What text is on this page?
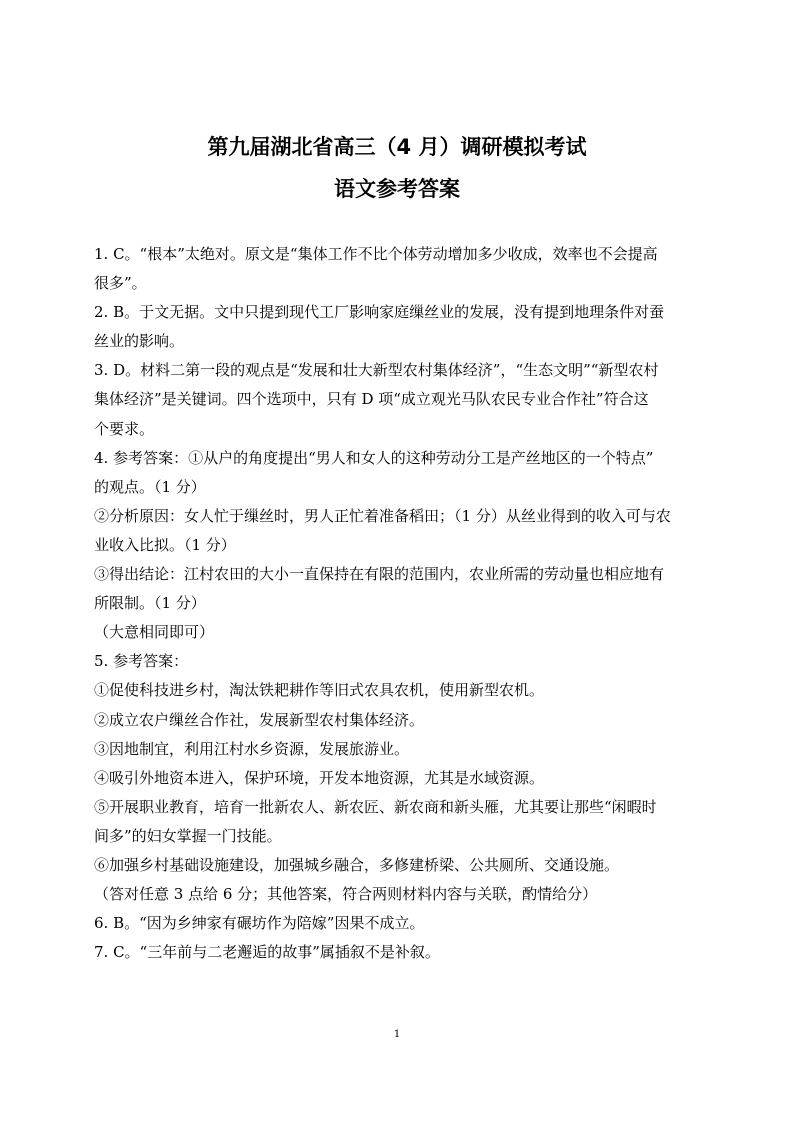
第九届湖北省高三（4 月）调研模拟考试
语文参考答案
1. C。“根本”太绝对。原文是“集体工作不比个体劳动增加多少收成，效率也不会提高
很多”。
2. B。于文无据。文中只提到现代工厂影响家庭缫丝业的发展，没有提到地理条件对蚕
丝业的影响。
3. D。材料二第一段的观点是“发展和壮大新型农村集体经济”，“生态文明”“新型农村
集体经济”是关键词。四个选项中，只有 D 项“成立观光马队农民专业合作社”符合这
个要求。
4. 参考答案：①从户的角度提出“男人和女人的这种劳动分工是产丝地区的一个特点”
的观点。（1 分）
②分析原因：女人忙于缫丝时，男人正忙着准备稻田；（1 分）从丝业得到的收入可与农
业收入比拟。（1 分）
③得出结论：江村农田的大小一直保持在有限的范围内，农业所需的劳动量也相应地有
所限制。（1 分）
（大意相同即可）
5. 参考答案：
①促使科技进乡村，淘汰铁耙耕作等旧式农具农机，使用新型农机。
②成立农户缫丝合作社，发展新型农村集体经济。
③因地制宜，利用江村水乡资源，发展旅游业。
④吸引外地资本进入，保护环境，开发本地资源，尤其是水域资源。
⑤开展职业教育，培育一批新农人、新农匠、新农商和新头雁，尤其要让那些“闲暇时
间多”的妇女掌握一门技能。
⑥加强乡村基础设施建设，加强城乡融合，多修建桥梁、公共厕所、交通设施。
（答对任意 3 点给 6 分；其他答案，符合两则材料内容与关联，酌情给分）
6. B。“因为乡绅家有碾坊作为陪嫁”因果不成立。
7. C。“三年前与二老邂逅的故事”属插叙不是补叙。
1
